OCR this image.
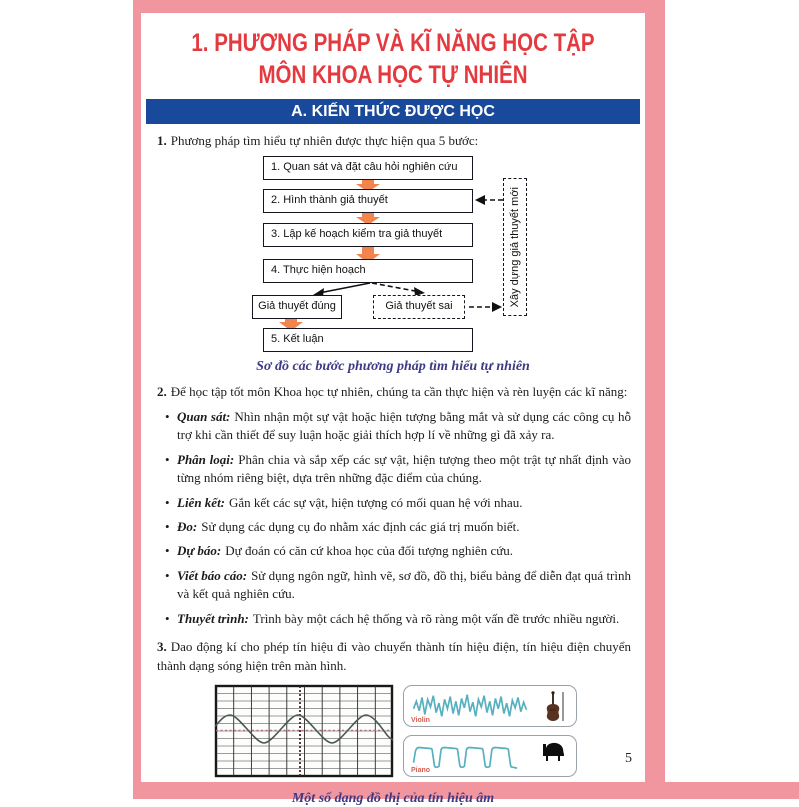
1. PHƯƠNG PHÁP VÀ KĨ NĂNG HỌC TẬP
MÔN KHOA HỌC TỰ NHIÊN
A. KIẾN THỨC ĐƯỢC HỌC

1. Phương pháp tìm hiểu tự nhiên được thực hiện qua 5 bước:

1. Quan sát và đặt câu hỏi nghiên cứu
2. Hình thành giả thuyết
3. Lập kế hoạch kiểm tra giả thuyết
4. Thực hiện hoạch
Giả thuyết đúng	Giả thuyết sai
5. Kết luận
Xây dựng giả thuyết mới
Sơ đồ các bước phương pháp tìm hiểu tự nhiên

2. Để học tập tốt môn Khoa học tự nhiên, chúng ta cần thực hiện và rèn luyện các kĩ năng:

• Quan sát: Nhìn nhận một sự vật hoặc hiện tượng bằng mắt và sử dụng các công cụ hỗ trợ khi cần thiết để suy luận hoặc giải thích hợp lí về những gì đã xảy ra.
• Phân loại: Phân chia và sắp xếp các sự vật, hiện tượng theo một trật tự nhất định vào từng nhóm riêng biệt, dựa trên những đặc điểm của chúng.
• Liên kết: Gắn kết các sự vật, hiện tượng có mối quan hệ với nhau.
• Đo: Sử dụng các dụng cụ đo nhằm xác định các giá trị muốn biết.
• Dự báo: Dự đoán có căn cứ khoa học của đối tượng nghiên cứu.
• Viết báo cáo: Sử dụng ngôn ngữ, hình vẽ, sơ đồ, đồ thị, biểu bảng để diễn đạt quá trình và kết quả nghiên cứu.
• Thuyết trình: Trình bày một cách hệ thống và rõ ràng một vấn đề trước nhiều người.

3. Dao động kí cho phép tín hiệu đi vào chuyển thành tín hiệu điện, tín hiệu điện chuyển thành dạng sóng hiện trên màn hình.

Violin
Piano
Một số dạng đồ thị của tín hiệu âm
5
